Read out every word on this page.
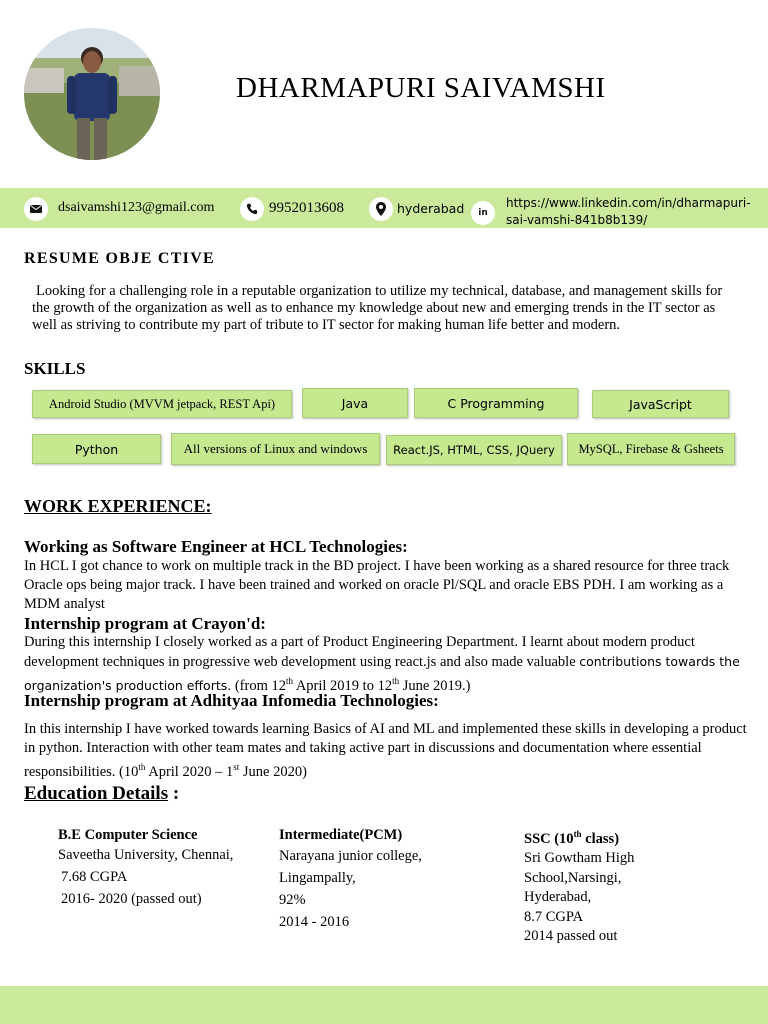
DHARMAPURI SAIVAMSHI
dsaivamshi123@gmail.com	9952013608	hyderabad in
https://www.linkedin.com/in/dharmapuri-
sai-vamshi-841b8b139/
RESUME OBJE CTIVE
Looking for a challenging role in a reputable organization to utilize my technical, database, and management skills for the growth of the organization as well as to enhance my knowledge about new and emerging trends in the IT sector as well as striving to contribute my part of tribute to IT sector for making human life better and modern.
SKILLS
Android Studio (MVVM jetpack, REST Api)	Java	C Programming	JavaScript
Python	All versions of Linux and windows	React.JS, HTML, CSS, JQuery	MySQL, Firebase & Gsheets
WORK EXPERIENCE:
Working as Software Engineer at HCL Technologies:
In HCL I got chance to work on multiple track in the BD project. I have been working as a shared resource for three track Oracle ops being major track. I have been trained and worked on oracle Pl/SQL and oracle EBS PDH. I am working as a MDM analyst
Internship program at Crayon'd:
During this internship I closely worked as a part of Product Engineering Department. I learnt about modern product development techniques in progressive web development using react.js and also made valuable contributions towards the organization's production efforts. (from 12th April 2019 to 12th June 2019.)
Internship program at Adhityaa Infomedia Technologies:
In this internship I have worked towards learning Basics of AI and ML and implemented these skills in developing a product in python. Interaction with other team mates and taking active part in discussions and documentation where essential responsibilities. (10th April 2020 – 1st June 2020)
Education Details :
B.E Computer Science
Saveetha University, Chennai,
7.68 CGPA
2016- 2020 (passed out)
Intermediate(PCM)
Narayana junior college,
Lingampally,
92%
2014 - 2016
SSC (10th class)
Sri Gowtham High
School,Narsingi,
Hyderabad,
8.7 CGPA
2014 passed out
